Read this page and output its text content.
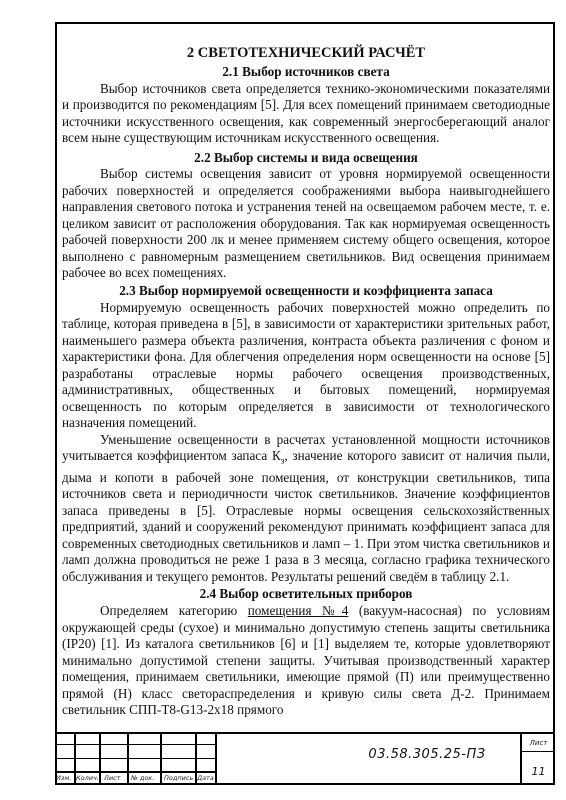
2 СВЕТОТЕХНИЧЕСКИЙ РАСЧЁТ
2.1 Выбор источников света

Выбор источников света определяется технико-экономическими показателями и производится по рекомендациям [5]. Для всех помещений принимаем светодиодные источники искусственного освещения, как современный энергосберегающий аналог всем ныне существующим источникам искусственного освещения.

2.2 Выбор системы и вида освещения

Выбор системы освещения зависит от уровня нормируемой освещенности рабочих поверхностей и определяется соображениями выбора наивыгоднейшего направления светового потока и устранения теней на освещаемом рабочем месте, т. е. целиком зависит от расположения оборудования. Так как нормируемая освещенность рабочей поверхности 200 лк и менее применяем систему общего освещения, которое выполнено с равномерным размещением светильников. Вид освещения принимаем рабочее во всех помещениях.

2.3 Выбор нормируемой освещенности и коэффициента запаса

Нормируемую освещенность рабочих поверхностей можно определить по таблице, которая приведена в [5], в зависимости от характеристики зрительных работ, наименьшего размера объекта различения, контраста объекта различения с фоном и характеристики фона. Для облегчения определения норм освещенности на основе [5] разработаны отраслевые нормы рабочего освещения производственных, административных, общественных и бытовых помещений, нормируемая освещенность по которым определяется в зависимости от технологического назначения помещений.

Уменьшение освещенности в расчетах установленной мощности источников учитывается коэффициентом запаса $К_з$, значение которого зависит от наличия пыли, дыма и копоти в рабочей зоне помещения, от конструкции светильников, типа источников света и периодичности чисток светильников. Значение коэффициентов запаса приведены в [5]. Отраслевые нормы освещения сельскохозяйственных предприятий, зданий и сооружений рекомендуют принимать коэффициент запаса для современных светодиодных светильников и ламп – 1. При этом чистка светильников и ламп должна проводиться не реже 1 раза в 3 месяца, согласно графика технического обслуживания и текущего ремонтов. Результаты решений сведём в таблицу 2.1.

2.4 Выбор осветительных приборов

Определяем категорию помещения №4 (вакуум-насосная) по условиям окружающей среды (сухое) и минимально допустимую степень защиты светильника (IP20) [1]. Из каталога светильников [6] и [1] выделяем те, которые удовлетворяют минимально допустимой степени защиты. Учитывая производственный характер помещения, принимаем светильники, имеющие прямой (П) или преимущественно прямой (Н) класс светораспределения и кривую силы света Д-2. Принимаем светильник СПП-Т8-G13-2х18 прямого

Изм. Колич. Лист № док. Подпись Дата
03.58.305.25-ПЗ
Лист
11
